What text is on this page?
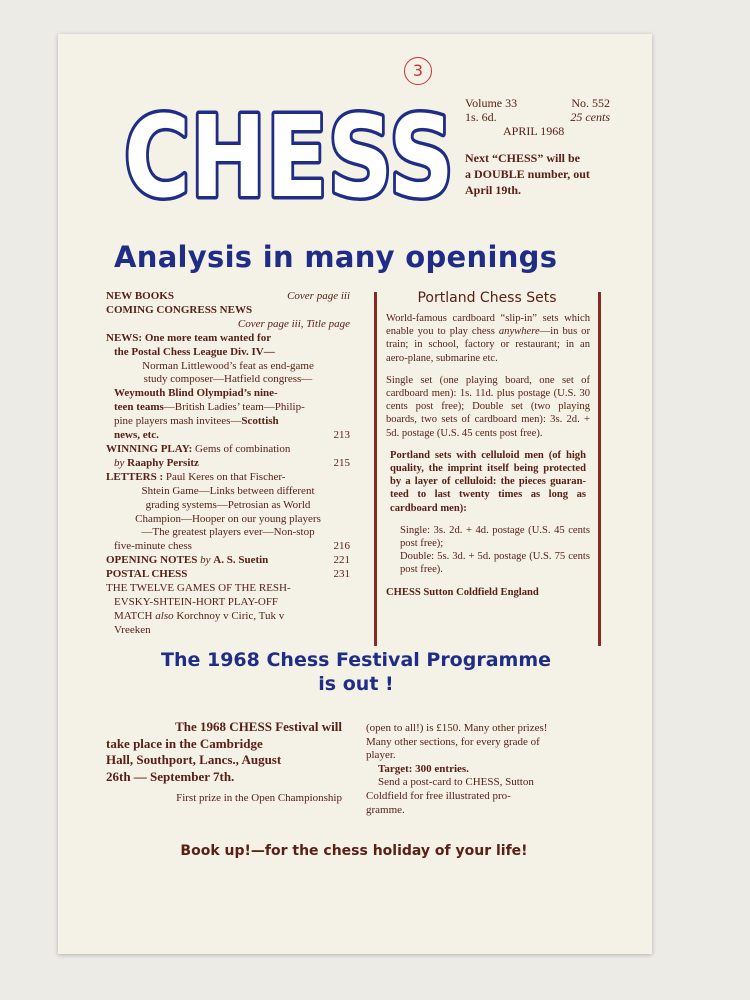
3
CHESS Volume 33	No. 552
1s. 6d.	25 cents
APRIL 1968
Next “CHESS” will be
a DOUBLE number, out
April 19th.
Analysis in many openings
NEW BOOKS	Cover page iii
COMING CONGRESS NEWS
Cover page iii, Title page
NEWS: One more team wanted for
the Postal Chess League Div. IV—
Norman Littlewood’s feat as end-game
study composer—Hatfield congress—
Weymouth Blind Olympiad’s nine-
teen teams—British Ladies’ team—Philip-
pine players mash invitees—Scottish
news, etc.	213
WINNING PLAY: Gems of combination
by Raaphy Persitz	215
LETTERS : Paul Keres on that Fischer-
Shtein Game—Links between different
grading systems—Petrosian as World
Champion—Hooper on our young players
—The greatest players ever—Non-stop
five-minute chess	216
OPENING NOTES by A. S. Suetin	221
POSTAL CHESS	231
THE TWELVE GAMES OF THE RESH-
EVSKY-SHTEIN-HORT PLAY-OFF
MATCH also Korchnoy v Ciric, Tuk v
Vreeken
Portland Chess Sets

World-famous cardboard “slip-in” sets which enable you to play chess anywhere—in bus or train; in school, factory or restaurant; in an aero-plane, submarine etc.

Single set (one playing board, one set of cardboard men): 1s. 11d. plus postage (U.S. 30 cents post free); Double set (two playing boards, two sets of cardboard men): 3s. 2d. + 5d. postage (U.S. 45 cents post free).

Portland sets with celluloid men (of high quality, the imprint itself being protected by a layer of celluloid: the pieces guaran-teed to last twenty times as long as cardboard men):

Single: 3s. 2d. + 4d. postage (U.S. 45 cents post free);

Double: 5s. 3d. + 5d. postage (U.S. 75 cents post free).

CHESS Sutton Coldfield England

The 1968 Chess Festival Programme
is out !
The 1968 CHESS Festival will
take place in the Cambridge
Hall, Southport, Lancs., August
26th — September 7th.
First prize in the Open Championship
(open to all!) is £150. Many other prizes!
Many other sections, for every grade of
player.
Target: 300 entries.
Send a post-card to CHESS, Sutton
Coldfield for free illustrated pro-
gramme.
Book up!—for the chess holiday of your life!
